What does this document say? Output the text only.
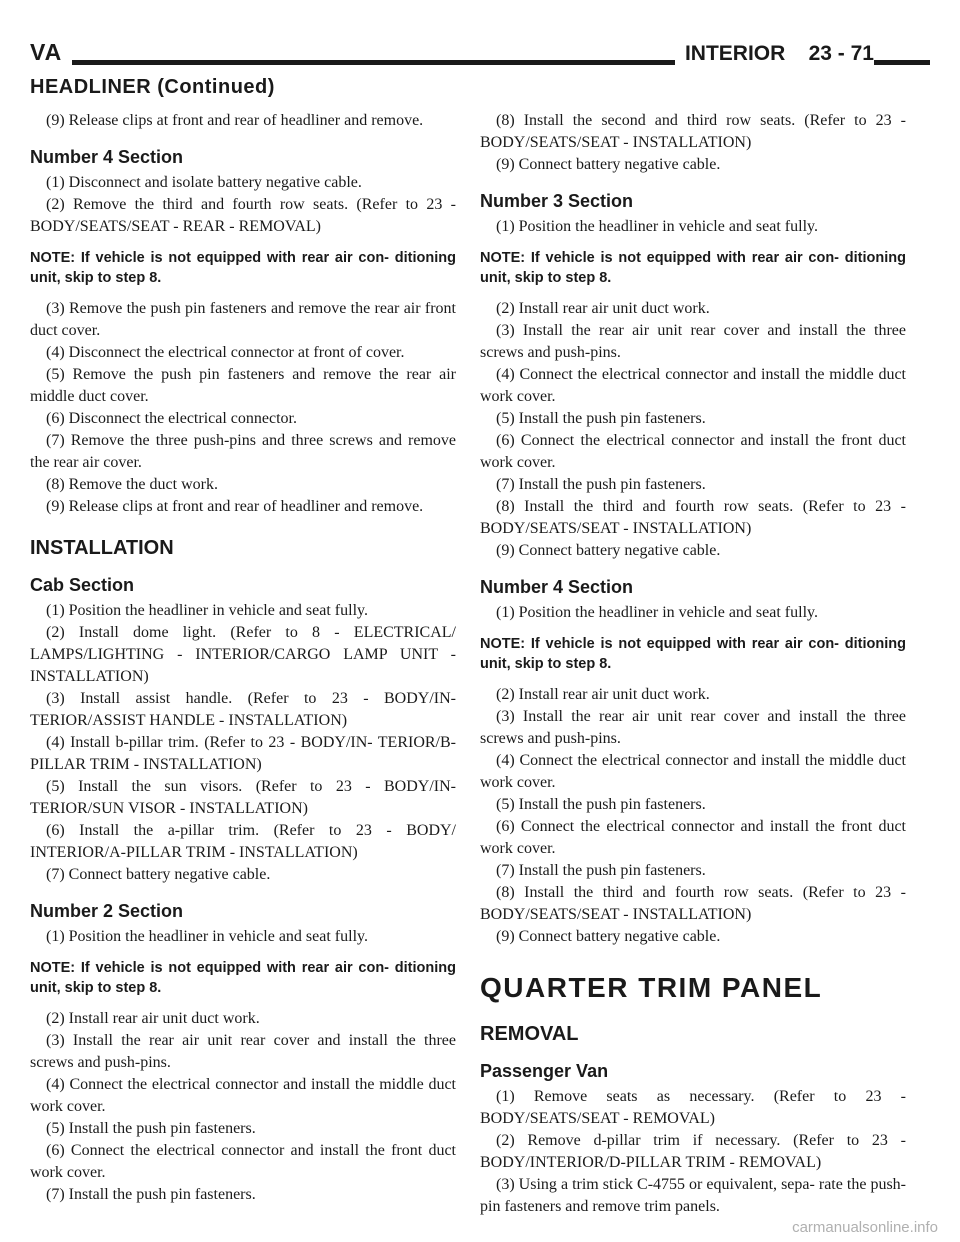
VA	INTERIOR    23 - 71
HEADLINER (Continued)

(9) Release clips at front and rear of headliner and remove.

Number 4 Section

(1) Disconnect and isolate battery negative cable.

(2) Remove the third and fourth row seats. (Refer to 23 - BODY/SEATS/SEAT - REAR - REMOVAL)

NOTE: If vehicle is not equipped with rear air con- ditioning unit, skip to step 8.

(3) Remove the push pin fasteners and remove the rear air front duct cover.

(4) Disconnect the electrical connector at front of cover.

(5) Remove the push pin fasteners and remove the rear air middle duct cover.

(6) Disconnect the electrical connector.

(7) Remove the three push-pins and three screws and remove the rear air cover.

(8) Remove the duct work.

(9) Release clips at front and rear of headliner and remove.

INSTALLATION
Cab Section

(1) Position the headliner in vehicle and seat fully.

(2) Install dome light. (Refer to 8 - ELECTRICAL/ LAMPS/LIGHTING - INTERIOR/CARGO LAMP UNIT - INSTALLATION)

(3) Install assist handle. (Refer to 23 - BODY/IN- TERIOR/ASSIST HANDLE - INSTALLATION)

(4) Install b-pillar trim. (Refer to 23 - BODY/IN- TERIOR/B-PILLAR TRIM - INSTALLATION)

(5) Install the sun visors. (Refer to 23 - BODY/IN- TERIOR/SUN VISOR - INSTALLATION)

(6) Install the a-pillar trim. (Refer to 23 - BODY/ INTERIOR/A-PILLAR TRIM - INSTALLATION)

(7) Connect battery negative cable.

Number 2 Section

(1) Position the headliner in vehicle and seat fully.

NOTE: If vehicle is not equipped with rear air con- ditioning unit, skip to step 8.

(2) Install rear air unit duct work.

(3) Install the rear air unit rear cover and install the three screws and push-pins.

(4) Connect the electrical connector and install the middle duct work cover.

(5) Install the push pin fasteners.

(6) Connect the electrical connector and install the front duct work cover.

(7) Install the push pin fasteners.

(8) Install the second and third row seats. (Refer to 23 - BODY/SEATS/SEAT - INSTALLATION)

(9) Connect battery negative cable.

Number 3 Section

(1) Position the headliner in vehicle and seat fully.

NOTE: If vehicle is not equipped with rear air con- ditioning unit, skip to step 8.

(2) Install rear air unit duct work.

(3) Install the rear air unit rear cover and install the three screws and push-pins.

(4) Connect the electrical connector and install the middle duct work cover.

(5) Install the push pin fasteners.

(6) Connect the electrical connector and install the front duct work cover.

(7) Install the push pin fasteners.

(8) Install the third and fourth row seats. (Refer to 23 - BODY/SEATS/SEAT - INSTALLATION)

(9) Connect battery negative cable.

Number 4 Section

(1) Position the headliner in vehicle and seat fully.

NOTE: If vehicle is not equipped with rear air con- ditioning unit, skip to step 8.

(2) Install rear air unit duct work.

(3) Install the rear air unit rear cover and install the three screws and push-pins.

(4) Connect the electrical connector and install the middle duct work cover.

(5) Install the push pin fasteners.

(6) Connect the electrical connector and install the front duct work cover.

(7) Install the push pin fasteners.

(8) Install the third and fourth row seats. (Refer to 23 - BODY/SEATS/SEAT - INSTALLATION)

(9) Connect battery negative cable.

QUARTER TRIM PANEL
REMOVAL
Passenger Van

(1) Remove seats as necessary. (Refer to 23 - BODY/SEATS/SEAT - REMOVAL)

(2) Remove d-pillar trim if necessary. (Refer to 23 - BODY/INTERIOR/D-PILLAR TRIM - REMOVAL)

(3) Using a trim stick C-4755 or equivalent, sepa- rate the push-pin fasteners and remove trim panels.

carmanualsonline.info
